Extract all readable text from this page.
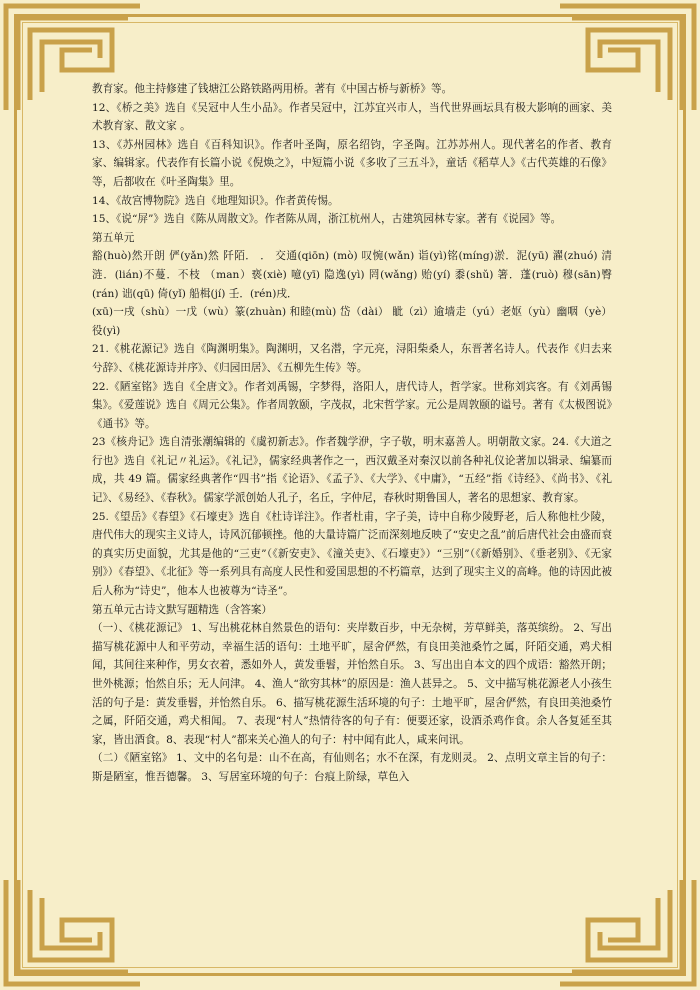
教育家。他主持修建了钱塘江公路铁路两用桥。著有《中国古桥与新桥》等。

12、《桥之美》选自《吴冠中人生小品》。作者吴冠中，江苏宜兴市人，当代世界画坛具有极大影响的画家、美术教育家、散文家 。

13、《苏州园林》选自《百科知识》。作者叶圣陶，原名绍钧，字圣陶。江苏苏州人。现代著名的作者、教育家、编辑家。代表作有长篇小说《倪焕之》，中短篇小说《多收了三五斗》，童话《稻草人》《古代英雄的石像》等，后都收在《叶圣陶集》里。

14、《故宫博物院》选自《地理知识》。作者黄传惕。

15、《说“屏”》选自《陈从周散文》。作者陈从周，浙江杭州人，古建筑园林专家。著有《说园》等。

第五单元

豁(huò)然开朗 俨(yǎn)然 阡陌． ． 交通(qiōn) (mò) 叹惋(wǎn) 诣(yì)铭(míng)淤．泥(yū) 濯(zhuó) 清涟．(lián)不蔓．不枝 （man）亵(xiè) 噫(yī) 隐逸(yì) 罔(wǎng) 贻(yí) 黍(shǔ) 箸．蓬(ruò) 穆(sān)臀(rán) 诎(qū) 倚(yǐ) 船楫(jí) 壬．(rén)戌．

(xū)一戌（shù）一戊（wù）篆(zhuàn) 和睦(mù) 岱（dài） 眦（zì）逾墙走（yú）老妪（yù）幽咽（yè） 役(yì)

21.《桃花源记》选自《陶渊明集》。陶渊明，又名潜，字元亮，浔阳柴桑人，东晋著名诗人。代表作《归去来兮辞》、《桃花源诗并序》、《归园田居》、《五柳先生传》等。

22.《陋室铭》选自《全唐文》。作者刘禹锡，字梦得，洛阳人，唐代诗人，哲学家。世称刘宾客。有《刘禹锡集》。《爱莲说》选自《周元公集》。作者周敦颐，字茂叔，北宋哲学家。元公是周敦颐的谥号。著有《太极图说》《通书》等。

23《核舟记》选自清张潮编辑的《虞初新志》。作者魏学洢，字子敬，明末嘉善人。明朝散文家。24.《大道之行也》选自《礼记〃礼运》。《礼记》，儒家经典著作之一，西汉戴圣对秦汉以前各种礼仪论著加以辑录、编纂而成，共 49 篇。儒家经典著作“四书”指《论语》、《孟子》、《大学》、《中庸》，“五经”指《诗经》、《尚书》、《礼记》、《易经》、《春秋》。儒家学派创始人孔子，名丘，字仲尼，春秋时期鲁国人，著名的思想家、教育家。

25.《望岳》《春望》《石壕吏》选自《杜诗详注》。作者杜甫，字子美，诗中自称少陵野老，后人称他杜少陵，唐代伟大的现实主义诗人，诗风沉郁顿挫。他的大量诗篇广泛而深刻地反映了“安史之乱”前后唐代社会由盛而衰的真实历史面貌，尤其是他的“三吏”（《新安吏》、《潼关吏》、《石壕吏》）“三别”（《新婚别》、《垂老别》、《无家别》）《春望》、《北征》等一系列具有高度人民性和爱国思想的不朽篇章，达到了现实主义的高峰。他的诗因此被后人称为“诗史”，他本人也被尊为“诗圣”。

第五单元古诗文默写题精选（含答案）

（一）、《桃花源记》 1、写出桃花林自然景色的语句：夹岸数百步，中无杂树，芳草鲜美，落英缤纷。 2、写出描写桃花源中人和平劳动，幸福生活的语句：土地平旷，屋舍俨然，有良田美池桑竹之属，阡陌交通，鸡犬相闻，其间往来种作，男女衣着，悉如外人，黄发垂髫，并怡然自乐。 3、写出出自本文的四个成语：豁然开朗；世外桃源；怡然自乐；无人问津。 4、渔人“欲穷其林”的原因是：渔人甚异之。 5、文中描写桃花源老人小孩生活的句子是：黄发垂髫，并怡然自乐。 6、描写桃花源生活环境的句子：土地平旷，屋舍俨然，有良田美池桑竹之属，阡陌交通，鸡犬相闻。 7、表现“村人”热情待客的句子有：便要还家，设酒杀鸡作食。余人各复延至其家，皆出酒食。8、表现“村人”都来关心渔人的句子：村中闻有此人，咸来问讯。

（二）《陋室铭》 1、文中的名句是：山不在高，有仙则名；水不在深，有龙则灵。 2、点明文章主旨的句子：斯是陋室，惟吾德馨。 3、写居室环境的句子：台痕上阶绿，草色入
